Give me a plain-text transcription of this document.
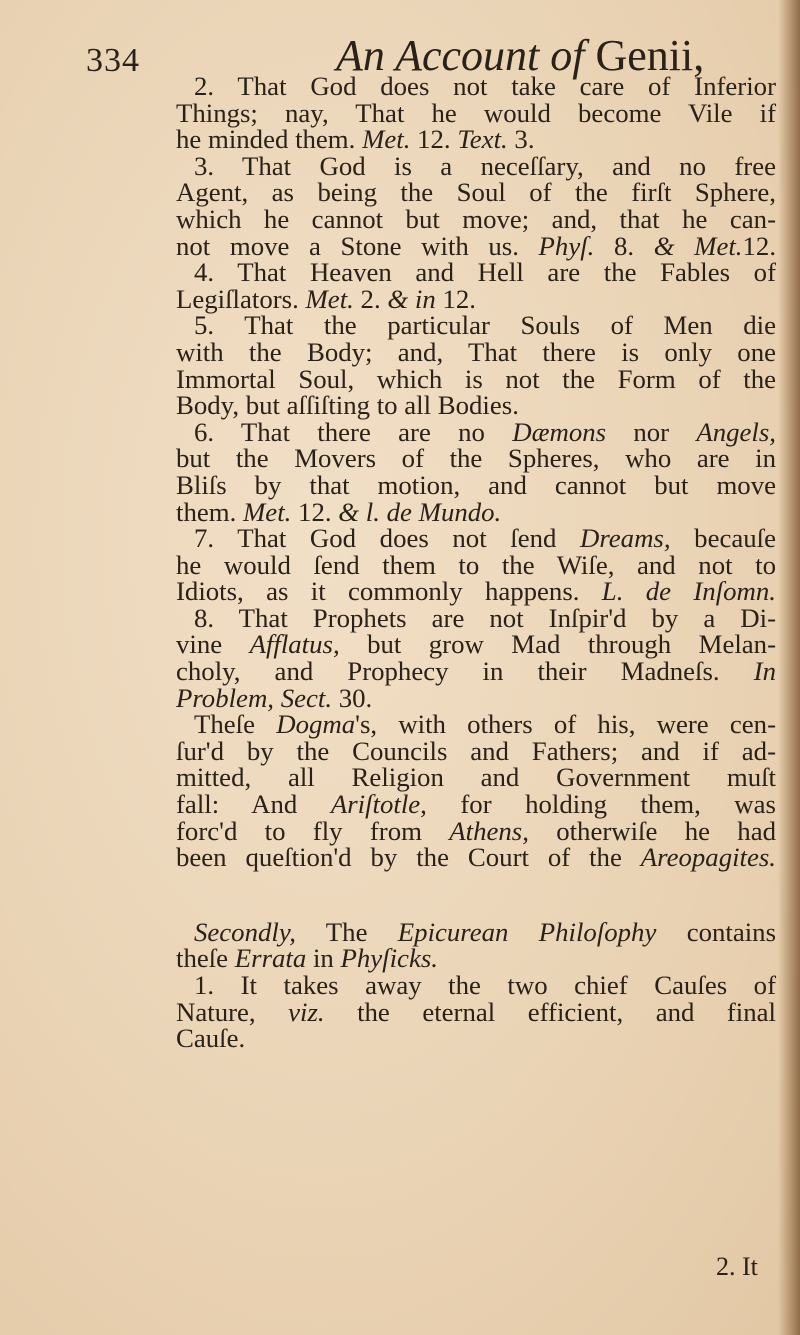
334	An Account of Genii,
2. That God does not take care of Inferior
Things; nay, That he would become Vile if
he minded them. Met. 12. Text. 3.
3. That God is a neceſſary, and no free
Agent, as being the Soul of the firſt Sphere,
which he cannot but move; and, that he can-
not move a Stone with us. Phyſ. 8. & Met.12.
4. That Heaven and Hell are the Fables of
Legiſlators. Met. 2. & in 12.
5. That the particular Souls of Men die
with the Body; and, That there is only one
Immortal Soul, which is not the Form of the
Body, but aſſiſting to all Bodies.
6. That there are no Dæmons nor Angels,
but the Movers of the Spheres, who are in
Bliſs by that motion, and cannot but move
them. Met. 12. & l. de Mundo.
7. That God does not ſend Dreams, becauſe
he would ſend them to the Wiſe, and not to
Idiots, as it commonly happens. L. de Inſomn.
8. That Prophets are not Inſpir'd by a Di-
vine Afflatus, but grow Mad through Melan-
choly, and Prophecy in their Madneſs. In
Problem, Sect. 30.
Theſe Dogma's, with others of his, were cen-
ſur'd by the Councils and Fathers; and if ad-
mitted, all Religion and Government muſt
fall: And Ariſtotle, for holding them, was
forc'd to fly from Athens, otherwiſe he had
been queſtion'd by the Court of the Areopagites.
Secondly, The Epicurean Philoſophy contains
theſe Errata in Phyſicks.
1. It takes away the two chief Cauſes of
Nature, viz. the eternal efficient, and final
Cauſe.
2. It
